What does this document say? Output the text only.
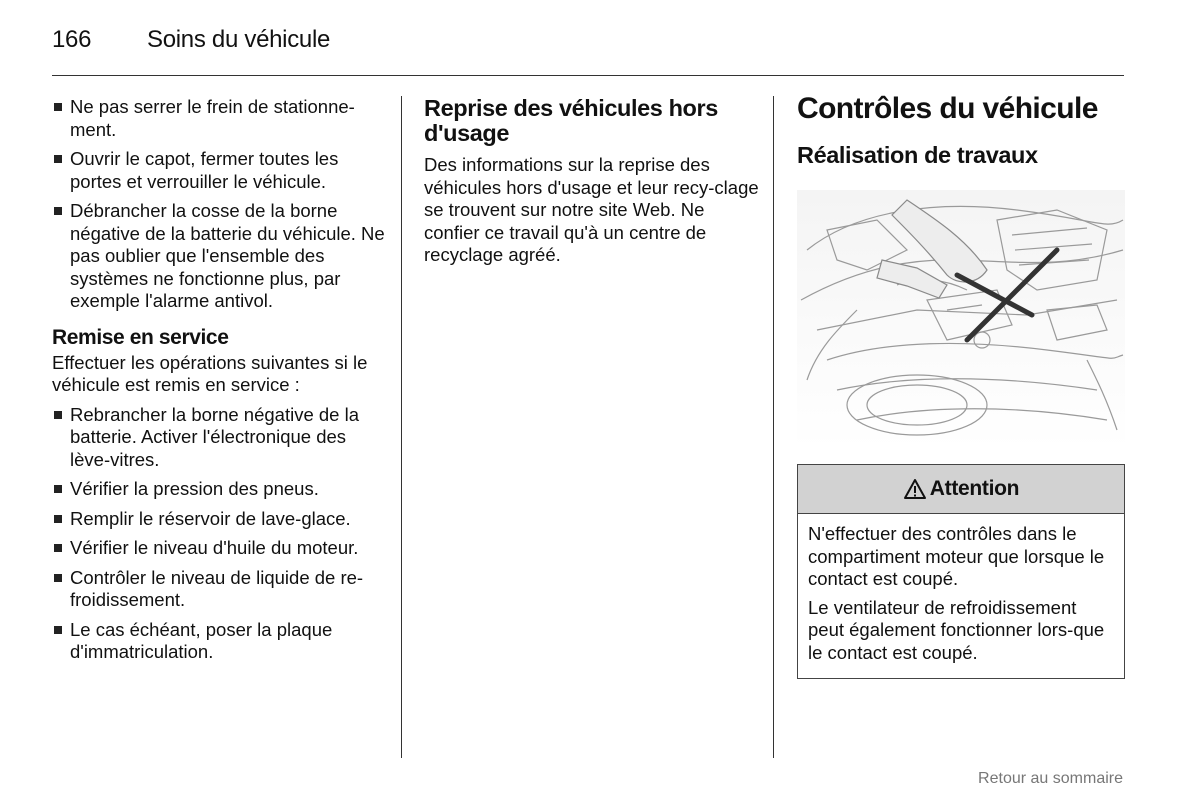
166 Soins du véhicule
Ne pas serrer le frein de stationne-ment.
Ouvrir le capot, fermer toutes les portes et verrouiller le véhicule.
Débrancher la cosse de la borne négative de la batterie du véhicule. Ne pas oublier que l'ensemble des systèmes ne fonctionne plus, par exemple l'alarme antivol.
Remise en service

Effectuer les opérations suivantes si le véhicule est remis en service :

Rebrancher la borne négative de la batterie. Activer l'électronique des lève-vitres.
Vérifier la pression des pneus.
Remplir le réservoir de lave-glace.
Vérifier le niveau d'huile du moteur.
Contrôler le niveau de liquide de re-froidissement.
Le cas échéant, poser la plaque d'immatriculation.
Reprise des véhicules hors d'usage

Des informations sur la reprise des véhicules hors d'usage et leur recy-clage se trouvent sur notre site Web. Ne confier ce travail qu'à un centre de recyclage agréé.

Contrôles du véhicule
Réalisation de travaux
Attention

N'effectuer des contrôles dans le compartiment moteur que lorsque le contact est coupé.

Le ventilateur de refroidissement peut également fonctionner lors-que le contact est coupé.

Retour au sommaire
